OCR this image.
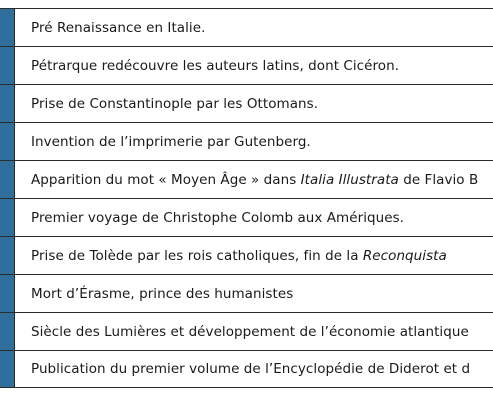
Pré Renaissance en Italie.
Pétrarque redécouvre les auteurs latins, dont Cicéron.
Prise de Constantinople par les Ottomans.
Invention de l’imprimerie par Gutenberg.
Apparition du mot « Moyen Âge » dans Italia Illustrata de Flavio B
Premier voyage de Christophe Colomb aux Amériques.
Prise de Tolède par les rois catholiques, fin de la Reconquista
Mort d’Érasme, prince des humanistes
Siècle des Lumières et développement de l’économie atlantique
Publication du premier volume de l’Encyclopédie de Diderot et d
